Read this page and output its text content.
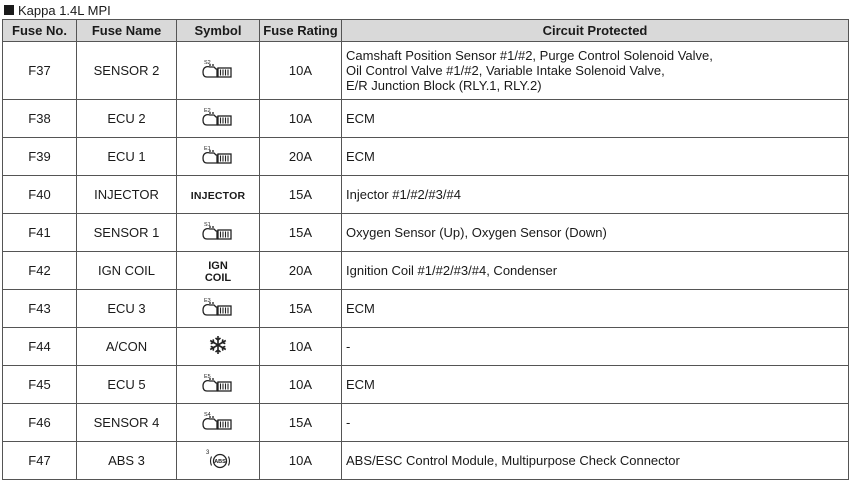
Kappa 1.4L MPI
Fuse No.	Fuse Name	Symbol	Fuse Rating	Circuit Protected
F37	SENSOR 2	S2	10A	Camshaft Position Sensor #1/#2, Purge Control Solenoid Valve,
Oil Control Valve #1/#2, Variable Intake Solenoid Valve,
E/R Junction Block (RLY.1, RLY.2)

F38	ECU 2	E2	10A	ECM

F39	ECU 1	E1	20A	ECM

F40	INJECTOR	INJECTOR	15A	Injector #1/#2/#3/#4

F41	SENSOR 1	S1	15A	Oxygen Sensor (Up), Oxygen Sensor (Down)

F42	IGN COIL	IGN
COIL	20A	Ignition Coil #1/#2/#3/#4, Condenser

F43	ECU 3	E3	15A	ECM

F44	A/CON		10A	-

F45	ECU 5	E5	10A	ECM

F46	SENSOR 4	S4	15A	-

F47	ABS 3	3
ABS	10A	ABS/ESC Control Module, Multipurpose Check Connector
